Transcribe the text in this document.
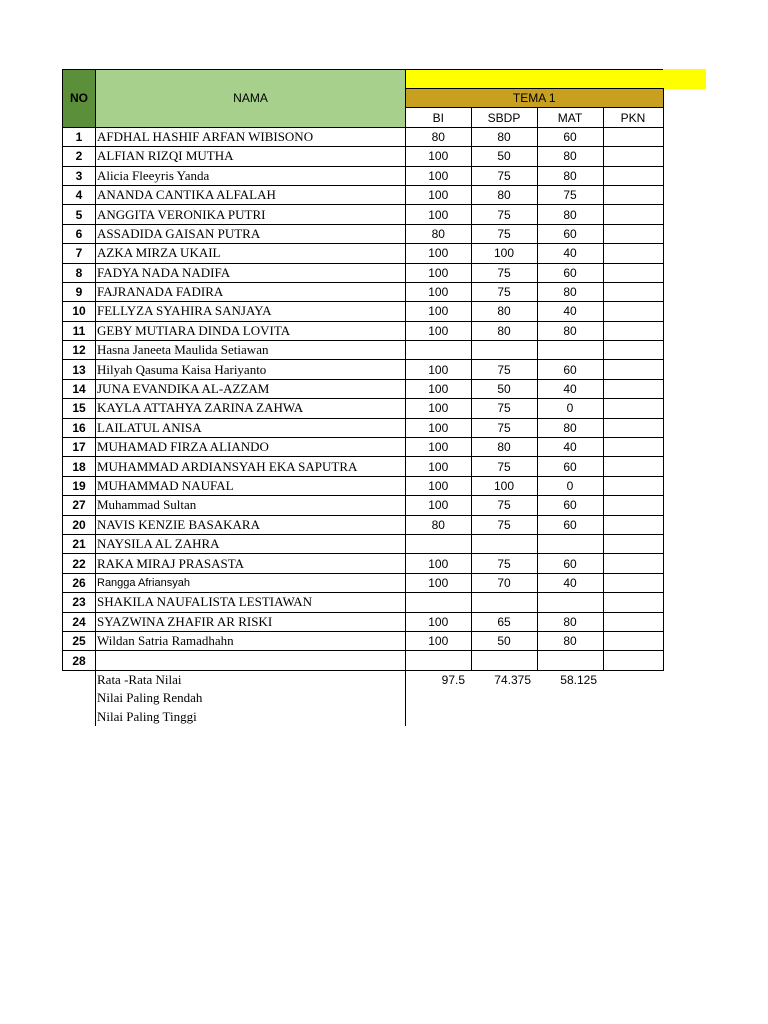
NO	NAMA				
		TEMA 1			
		BI	SBDP	MAT	PKN
1	AFDHAL HASHIF ARFAN WIBISONO	80	80	60	
2	ALFIAN RIZQI MUTHA	100	50	80	
3	Alicia Fleeyris Yanda	100	75	80	
4	ANANDA CANTIKA ALFALAH	100	80	75	
5	ANGGITA VERONIKA PUTRI	100	75	80	
6	ASSADIDA GAISAN PUTRA	80	75	60	
7	AZKA MIRZA UKAIL	100	100	40	
8	FADYA NADA NADIFA	100	75	60	
9	FAJRANADA FADIRA	100	75	80	
10	FELLYZA SYAHIRA SANJAYA	100	80	40	
11	GEBY MUTIARA DINDA LOVITA	100	80	80	
12	Hasna Janeeta Maulida Setiawan				
13	Hilyah Qasuma Kaisa Hariyanto	100	75	60	
14	JUNA EVANDIKA AL-AZZAM	100	50	40	
15	KAYLA ATTAHYA ZARINA ZAHWA	100	75	0	
16	LAILATUL ANISA	100	75	80	
17	MUHAMAD FIRZA ALIANDO	100	80	40	
18	MUHAMMAD ARDIANSYAH EKA SAPUTRA	100	75	60	
19	MUHAMMAD NAUFAL	100	100	0	
27	Muhammad Sultan	100	75	60	
20	NAVIS KENZIE BASAKARA	80	75	60	
21	NAYSILA AL ZAHRA				
22	RAKA MIRAJ PRASASTA	100	75	60	
26	Rangga Afriansyah	100	70	40	
23	SHAKILA NAUFALISTA LESTIAWAN				
24	SYAZWINA ZHAFIR AR RISKI	100	65	80	
25	Wildan Satria Ramadhahn	100	50	80	
28					
	Rata -Rata Nilai	97.5	74.375	58.125	
	Nilai Paling Rendah				
	Nilai Paling Tinggi				
